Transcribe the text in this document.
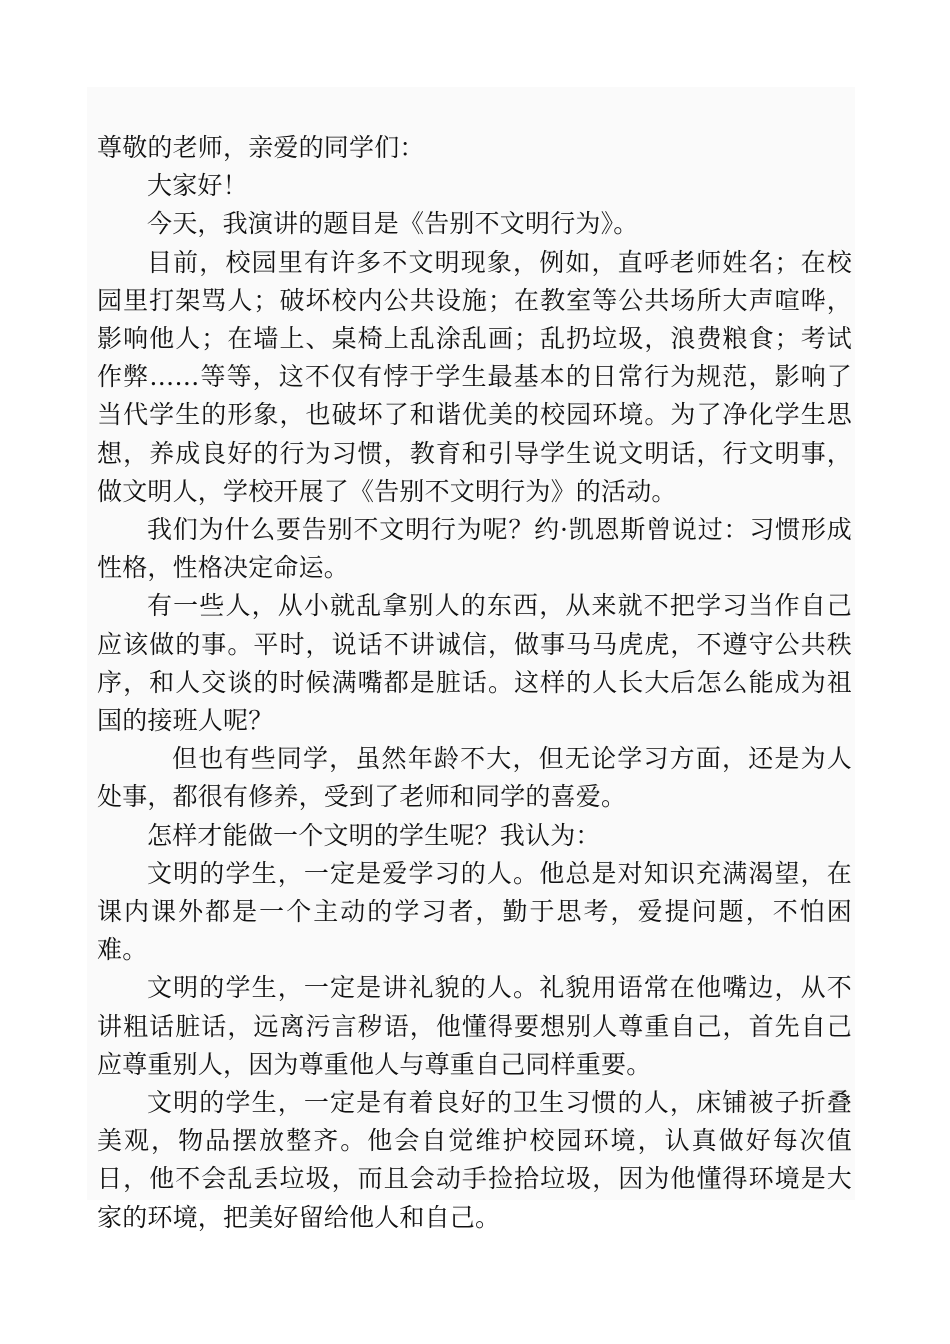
尊敬的老师，亲爱的同学们：

大家好！

今天，我演讲的题目是《告别不文明行为》。

目前，校园里有许多不文明现象，例如，直呼老师姓名；在校园里打架骂人；破坏校内公共设施；在教室等公共场所大声喧哗，影响他人；在墙上、桌椅上乱涂乱画；乱扔垃圾，浪费粮食；考试作弊……等等，这不仅有悖于学生最基本的日常行为规范，影响了当代学生的形象，也破坏了和谐优美的校园环境。为了净化学生思想，养成良好的行为习惯，教育和引导学生说文明话，行文明事，做文明人，学校开展了《告别不文明行为》的活动。

我们为什么要告别不文明行为呢？约·凯恩斯曾说过：习惯形成性格，性格决定命运。

有一些人，从小就乱拿别人的东西，从来就不把学习当作自己应该做的事。平时，说话不讲诚信，做事马马虎虎，不遵守公共秩序，和人交谈的时候满嘴都是脏话。这样的人长大后怎么能成为祖国的接班人呢？

但也有些同学，虽然年龄不大，但无论学习方面，还是为人处事，都很有修养，受到了老师和同学的喜爱。

怎样才能做一个文明的学生呢？我认为：

文明的学生，一定是爱学习的人。他总是对知识充满渴望，在课内课外都是一个主动的学习者，勤于思考，爱提问题，不怕困难。

文明的学生，一定是讲礼貌的人。礼貌用语常在他嘴边，从不讲粗话脏话，远离污言秽语，他懂得要想别人尊重自己，首先自己应尊重别人，因为尊重他人与尊重自己同样重要。

文明的学生，一定是有着良好的卫生习惯的人，床铺被子折叠美观，物品摆放整齐。他会自觉维护校园环境，认真做好每次值日，他不会乱丢垃圾，而且会动手捡拾垃圾，因为他懂得环境是大家的环境，把美好留给他人和自己。
